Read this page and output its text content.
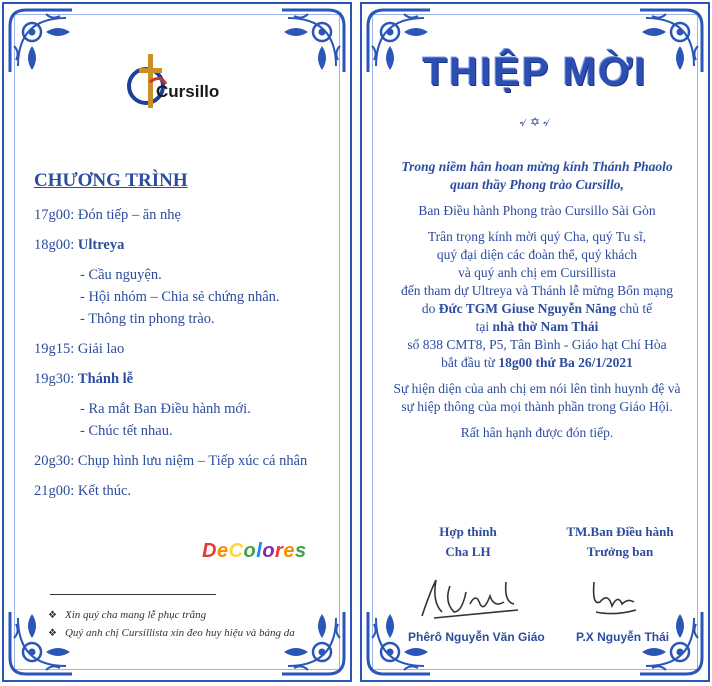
Cursillo
CHƯƠNG TRÌNH
17g00: Đón tiếp – ăn nhẹ
18g00: Ultreya
- Cầu nguyện.
- Hội nhóm – Chia sẻ chứng nhân.
- Thông tin phong trào.
19g15: Giải lao
19g30: Thánh lễ
- Ra mắt Ban Điều hành mới.
- Chúc tết nhau.
20g30: Chụp hình lưu niệm – Tiếp xúc cá nhân
21g00: Kết thúc.
DeColores
❖ Xin quý cha mang lễ phục trắng
❖ Quý anh chị Cursillista xin đeo huy hiệu và bảng da
THIỆP MỜI
৵ ✡ ৵
Trong niềm hân hoan mừng kính Thánh Phaolo
quan thầy Phong trào Cursillo,
Ban Điều hành Phong trào Cursillo Sài Gòn
Trân trọng kính mời quý Cha, quý Tu sĩ,
quý đại diện các đoàn thể, quý khách
và quý anh chị em Cursillista
đến tham dự Ultreya và Thánh lễ mừng Bổn mạng
do Đức TGM Giuse Nguyễn Năng chủ tế
tại nhà thờ Nam Thái
số 838 CMT8, P5, Tân Bình - Giáo hạt Chí Hòa
bắt đầu từ 18g00 thứ Ba 26/1/2021
Sự hiện diện của anh chị em nói lên tình huynh đệ và
sự hiệp thông của mọi thành phần trong Giáo Hội.
Rất hân hạnh được đón tiếp.
Hợp thỉnh
Cha LH
TM.Ban Điều hành
Trưởng ban
Phêrô Nguyễn Văn Giáo	P.X Nguyễn Thái
